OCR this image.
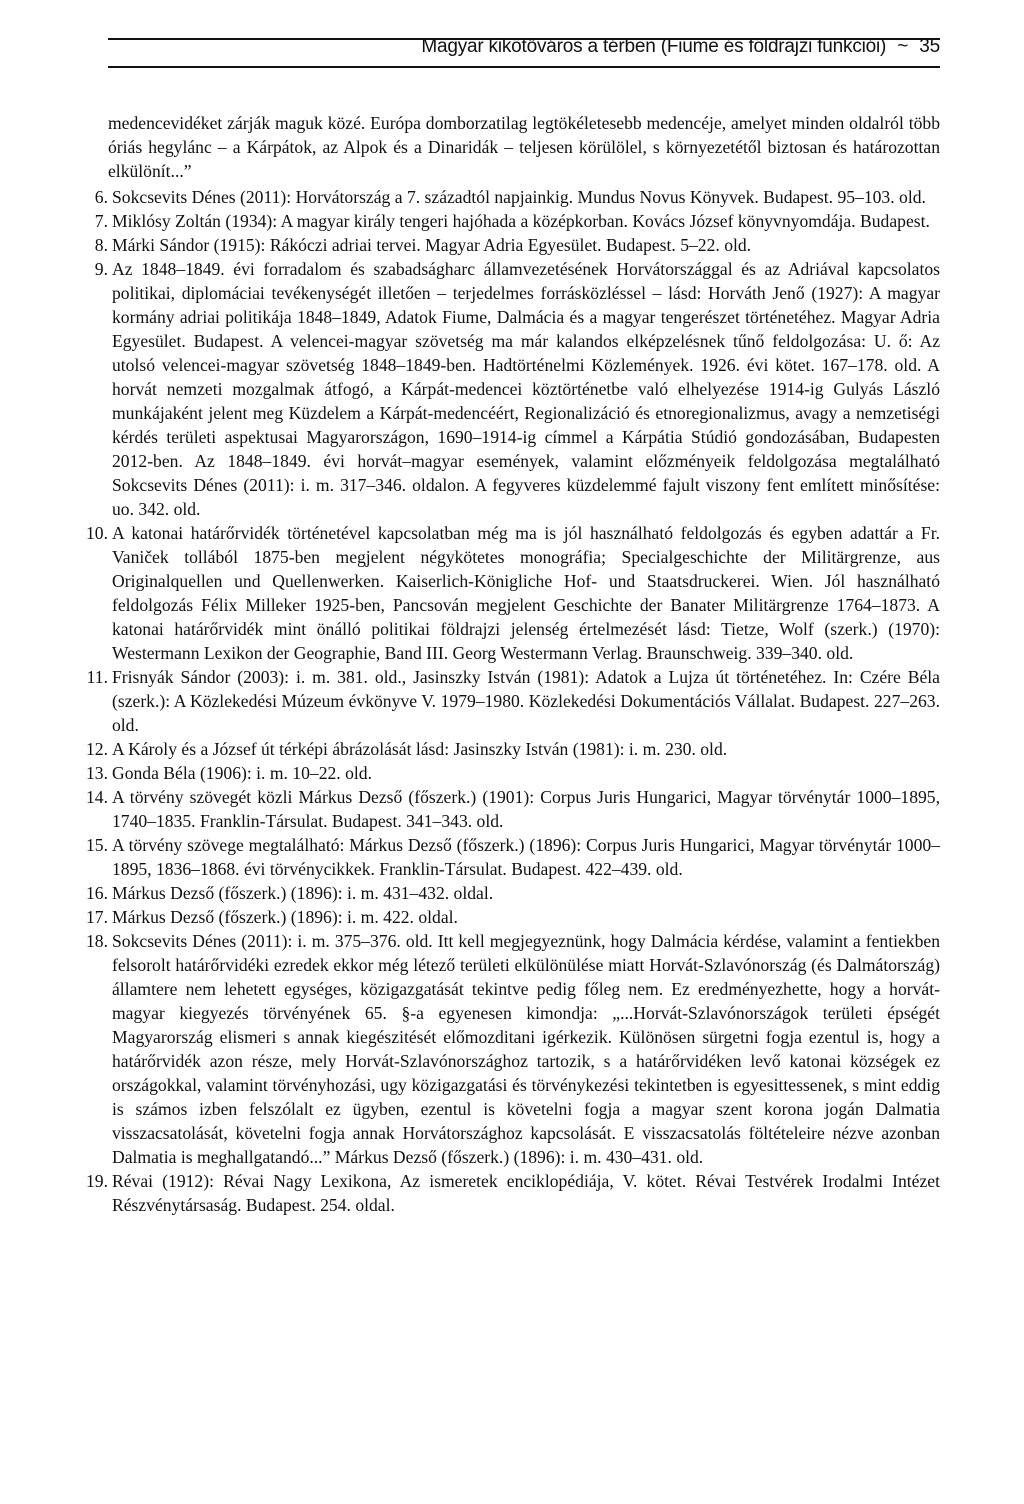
Magyar kikötőváros a térben (Fiume és földrajzi funkciói) ~ 35

medencevidéket zárják maguk közé. Európa domborzatilag legtökéletesebb medencéje, amelyet minden oldalról több óriás hegylánc – a Kárpátok, az Alpok és a Dinaridák – teljesen körülölel, s környezetétől biztosan és határozottan elkülönít...”

6. Sokcsevits Dénes (2011): Horvátország a 7. századtól napjainkig. Mundus Novus Könyvek. Budapest. 95–103. old.
7. Miklósy Zoltán (1934): A magyar király tengeri hajóhada a középkorban. Kovács József könyvnyomdája. Budapest.
8. Márki Sándor (1915): Rákóczi adriai tervei. Magyar Adria Egyesület. Budapest. 5–22. old.
9. Az 1848–1849. évi forradalom és szabadságharc államvezetésének Horvátországgal és az Adriával kapcsolatos politikai, diplomáciai tevékenységét illetően – terjedelmes forrásközléssel – lásd: Horváth Jenő (1927): A magyar kormány adriai politikája 1848–1849, Adatok Fiume, Dalmácia és a magyar tengerészet történetéhez. Magyar Adria Egyesület. Budapest. A velencei-magyar szövetség ma már kalandos elképzelésnek tűnő feldolgozása: U. ő: Az utolsó velencei-magyar szövetség 1848–1849-ben. Hadtörténelmi Közlemények. 1926. évi kötet. 167–178. old. A horvát nemzeti mozgalmak átfogó, a Kárpát-medencei köztörténetbe való elhelyezése 1914-ig Gulyás László munkájaként jelent meg Küzdelem a Kárpát-medencéért, Regionalizáció és etnoregionalizmus, avagy a nemzetiségi kérdés területi aspektusai Magyarországon, 1690–1914-ig címmel a Kárpátia Stúdió gondozásában, Budapesten 2012-ben. Az 1848–1849. évi horvát–magyar események, valamint előzményeik feldolgozása megtalálható Sokcsevits Dénes (2011): i. m. 317–346. oldalon. A fegyveres küzdelemmé fajult viszony fent említett minősítése: uo. 342. old.
10. A katonai határőrvidék történetével kapcsolatban még ma is jól használható feldolgozás és egyben adattár a Fr. Vaniček tollából 1875-ben megjelent négykötetes monográfia; Specialgeschichte der Militärgrenze, aus Originalquellen und Quellenwerken. Kaiserlich-Königliche Hof- und Staatsdruckerei. Wien. Jól használható feldolgozás Félix Milleker 1925-ben, Pancsován megjelent Geschichte der Banater Militärgrenze 1764–1873. A katonai határőrvidék mint önálló politikai földrajzi jelenség értelmezését lásd: Tietze, Wolf (szerk.) (1970): Westermann Lexikon der Geographie, Band III. Georg Westermann Verlag. Braunschweig. 339–340. old.
11. Frisnyák Sándor (2003): i. m. 381. old., Jasinszky István (1981): Adatok a Lujza út történetéhez. In: Czére Béla (szerk.): A Közlekedési Múzeum évkönyve V. 1979–1980. Közlekedési Dokumentációs Vállalat. Budapest. 227–263. old.
12. A Károly és a József út térképi ábrázolását lásd: Jasinszky István (1981): i. m. 230. old.
13. Gonda Béla (1906): i. m. 10–22. old.
14. A törvény szövegét közli Márkus Dezső (főszerk.) (1901): Corpus Juris Hungarici, Magyar törvénytár 1000–1895, 1740–1835. Franklin-Társulat. Budapest. 341–343. old.
15. A törvény szövege megtalálható: Márkus Dezső (főszerk.) (1896): Corpus Juris Hungarici, Magyar törvénytár 1000–1895, 1836–1868. évi törvénycikkek. Franklin-Társulat. Budapest. 422–439. old.
16. Márkus Dezső (főszerk.) (1896): i. m. 431–432. oldal.
17. Márkus Dezső (főszerk.) (1896): i. m. 422. oldal.
18. Sokcsevits Dénes (2011): i. m. 375–376. old. Itt kell megjegyeznünk, hogy Dalmácia kérdése, valamint a fentiekben felsorolt határőrvidéki ezredek ekkor még létező területi elkülönülése miatt Horvát-Szlavónország (és Dalmátország) államtere nem lehetett egységes, közigazgatását tekintve pedig főleg nem. Ez eredményezhette, hogy a horvát-magyar kiegyezés törvényének 65. §-a egyenesen kimondja: „...Horvát-Szlavónországok területi épségét Magyarország elismeri s annak kiegészitését előmozditani igérkezik. Különösen sürgetni fogja ezentul is, hogy a határőrvidék azon része, mely Horvát-Szlavónországhoz tartozik, s a határőrvidéken levő katonai községek ez országokkal, valamint törvényhozási, ugy közigazgatási és törvénykezési tekintetben is egyesittessenek, s mint eddig is számos izben felszólalt ez ügyben, ezentul is követelni fogja a magyar szent korona jogán Dalmatia visszacsatolását, követelni fogja annak Horvátországhoz kapcsolását. E visszacsatolás föltételeire nézve azonban Dalmatia is meghallgatandó...” Márkus Dezső (főszerk.) (1896): i. m. 430–431. old.
19. Révai (1912): Révai Nagy Lexikona, Az ismeretek enciklopédiája, V. kötet. Révai Testvérek Irodalmi Intézet Részvénytársaság. Budapest. 254. oldal.
